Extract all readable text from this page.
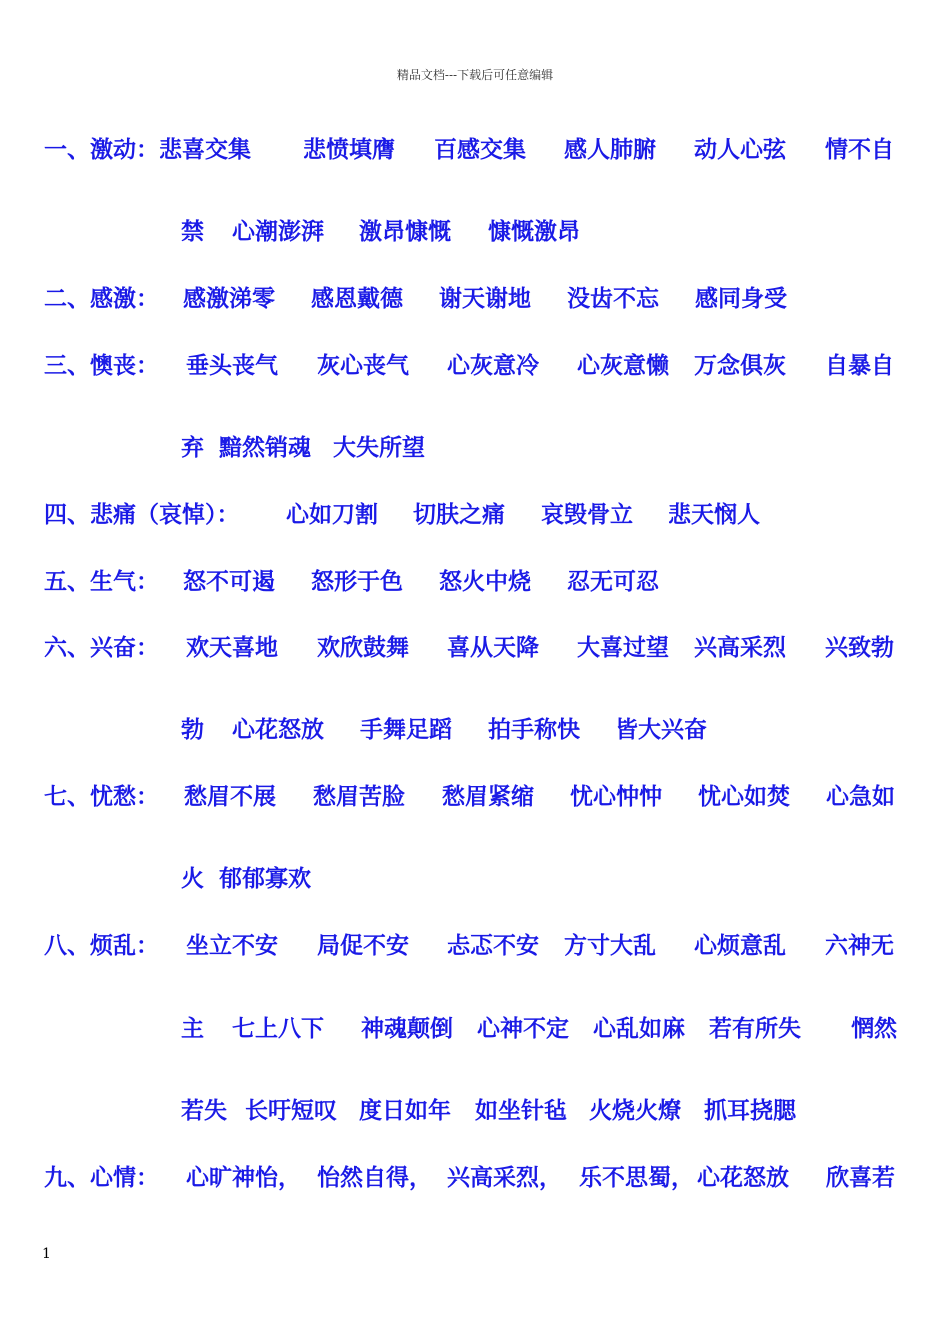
精品文档---下载后可任意编辑
一、激动：悲喜交集 悲愤填膺 百感交集 感人肺腑 动人心弦 情不自
禁 心潮澎湃 激昂慷慨 慷慨激昂
二、感激： 感激涕零 感恩戴德 谢天谢地 没齿不忘 感同身受
三、懊丧： 垂头丧气 灰心丧气 心灰意冷 心灰意懒 万念俱灰 自暴自
弃 黯然销魂 大失所望
四、悲痛（哀悼）： 心如刀割 切肤之痛 哀毁骨立 悲天悯人
五、生气： 怒不可遏 怒形于色 怒火中烧 忍无可忍
六、兴奋： 欢天喜地 欢欣鼓舞 喜从天降 大喜过望 兴高采烈 兴致勃
勃 心花怒放 手舞足蹈 拍手称快 皆大兴奋
七、忧愁： 愁眉不展 愁眉苦脸 愁眉紧缩 忧心忡忡 忧心如焚 心急如
火 郁郁寡欢
八、烦乱： 坐立不安 局促不安 忐忑不安 方寸大乱 心烦意乱 六神无
主 七上八下 神魂颠倒 心神不定 心乱如麻 若有所失 惘然
若失 长吁短叹 度日如年 如坐针毡 火烧火燎 抓耳挠腮
九、心情： 心旷神怡， 怡然自得， 兴高采烈， 乐不思蜀， 心花怒放 欣喜若
1
